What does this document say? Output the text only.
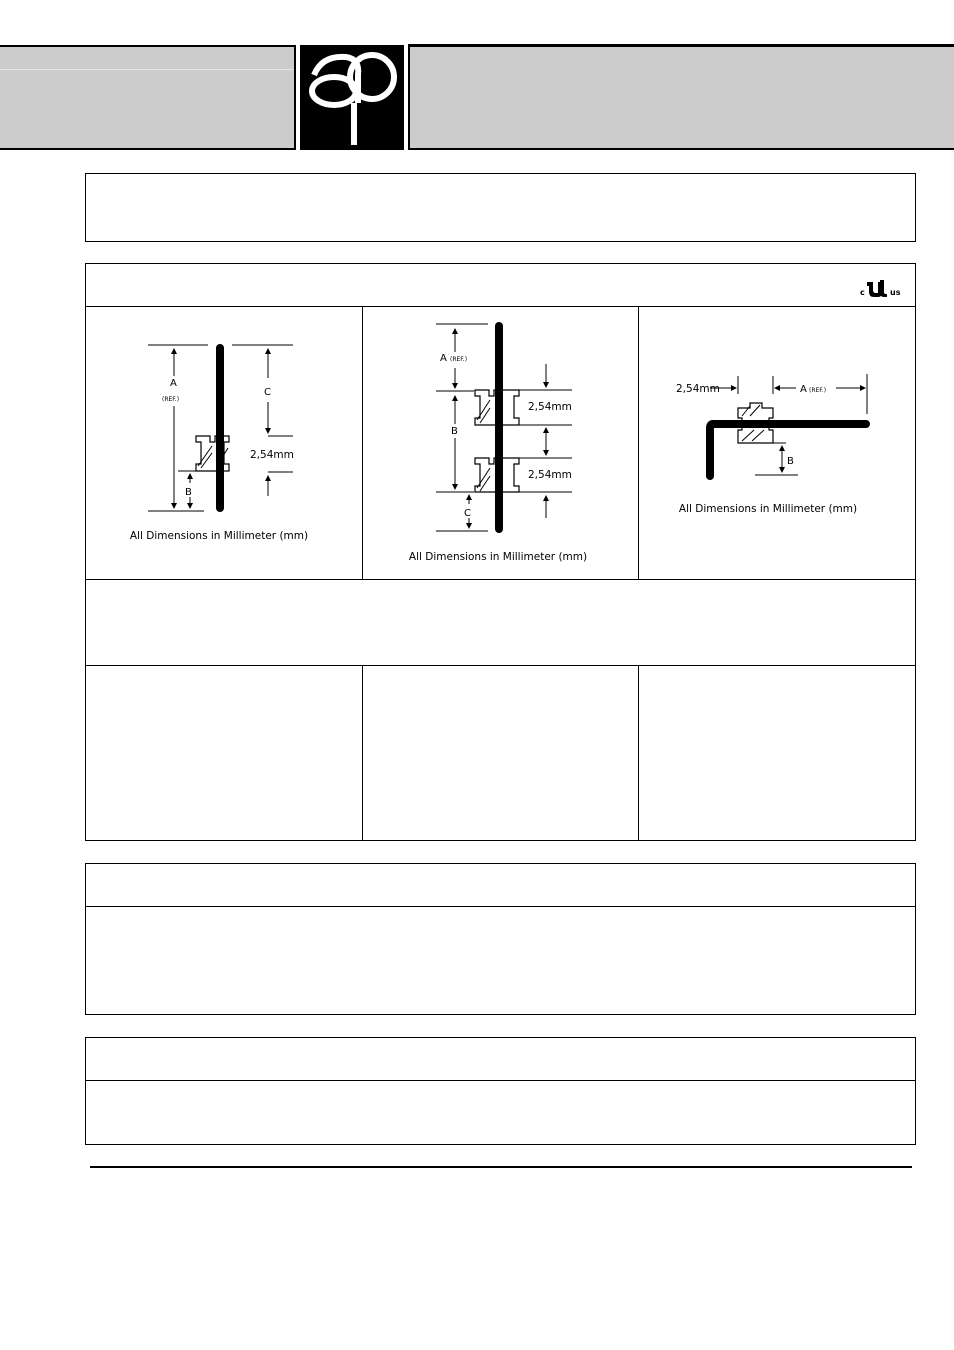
c	us
A
(REF.)
C
B
2,54mm
All Dimensions in Millimeter (mm)
A (REF.)
B
C
2,54mm
2,54mm
All Dimensions in Millimeter (mm)
2,54mm	A (REF.)
B
All Dimensions in Millimeter (mm)
